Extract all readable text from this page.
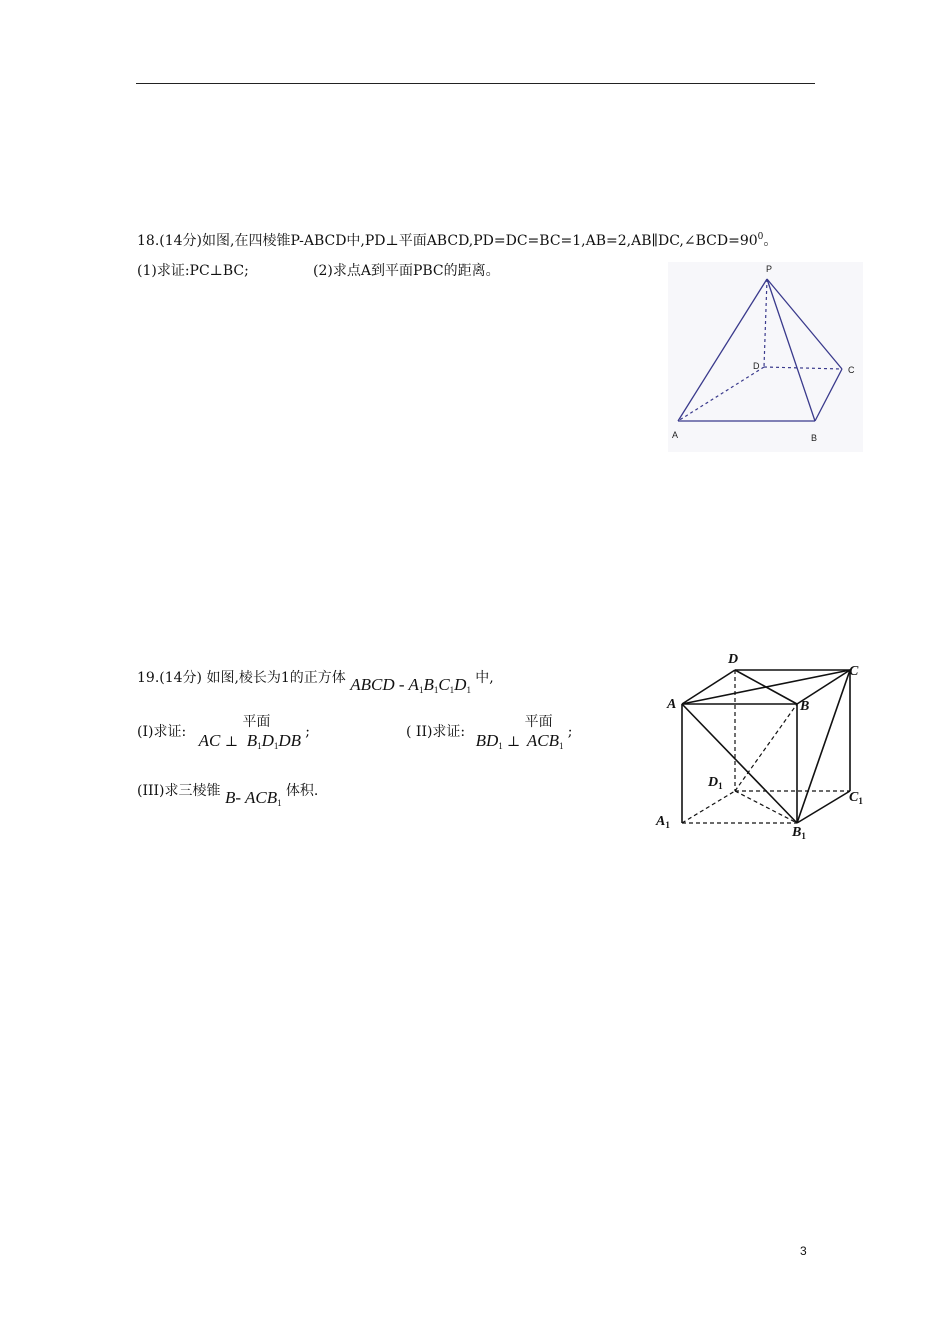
18.(14分)如图,在四棱锥P-ABCD中,PD⊥平面$ABCD,PD=DC=BC=1,AB=2,AB\parallel DC,\angle BCD=90^0$。
(1)求证:PC⊥BC;	(2)求点A到平面PBC的距离。	P
D	C
A	B
19.(14分) 如图,棱长为1的正方体 ABCD - $A_1B_1C_1D_1$ 中,
(I)求证: AC ⊥ 平面 $B_1D_1DB$ ;	( II)求证: $BD_1$ ⊥ 平面 $ACB_1$ ;
(III)求三棱锥 B- $ACB_1$ 体积.
D
C
A	B
$D_1$
$C_1$
$A_1$	$B_1$
3
